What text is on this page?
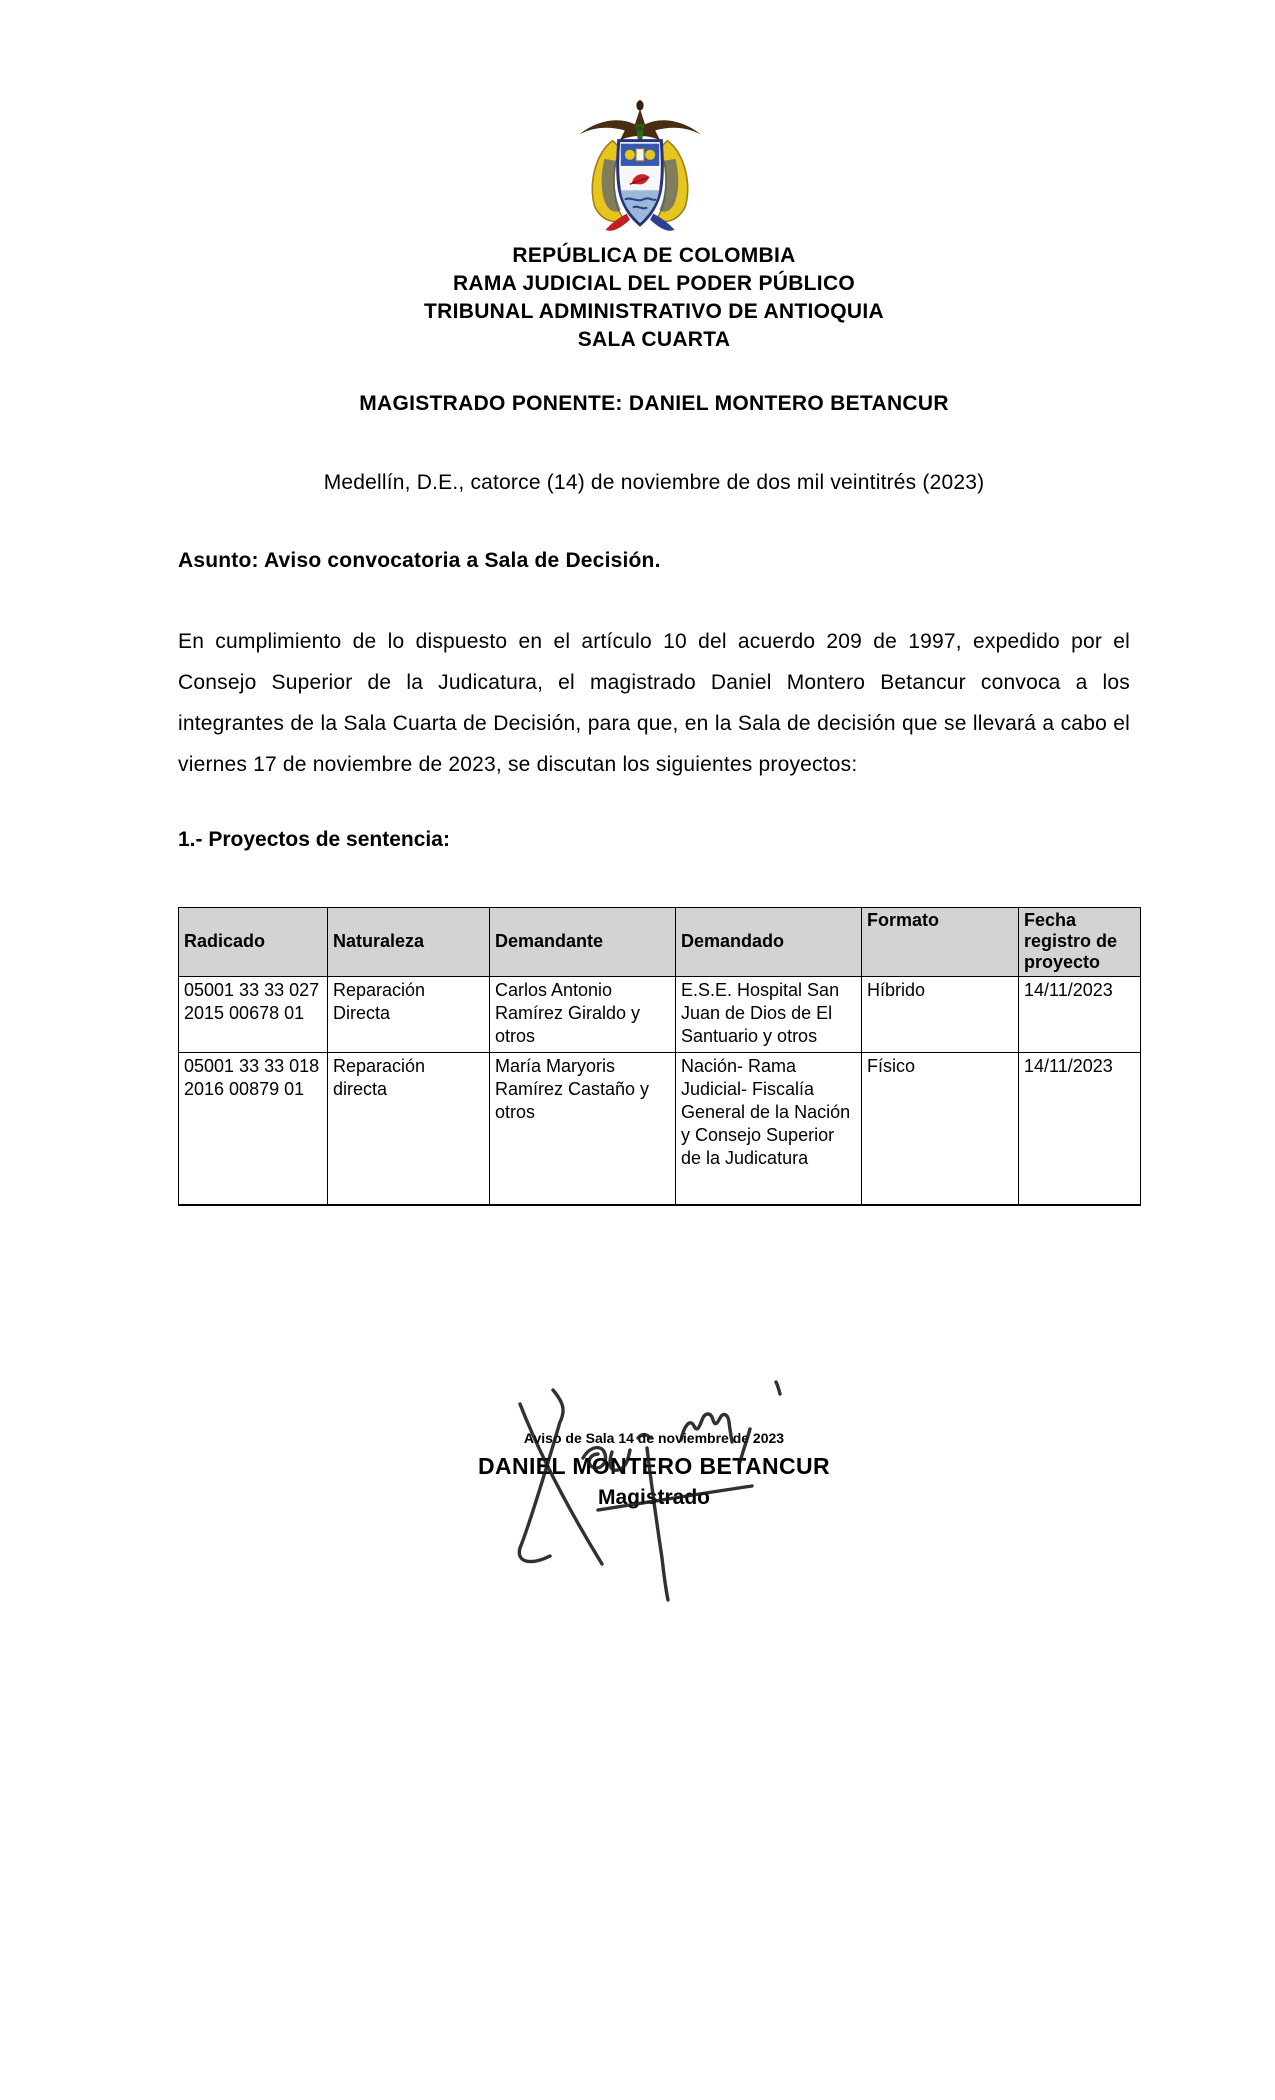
REPÚBLICA DE COLOMBIA
RAMA JUDICIAL DEL PODER PÚBLICO
TRIBUNAL ADMINISTRATIVO DE ANTIOQUIA
SALA CUARTA
MAGISTRADO PONENTE: DANIEL MONTERO BETANCUR
Medellín, D.E., catorce (14) de noviembre de dos mil veintitrés (2023)
Asunto: Aviso convocatoria a Sala de Decisión.

En cumplimiento de lo dispuesto en el artículo 10 del acuerdo 209 de 1997, expedido por el Consejo Superior de la Judicatura, el magistrado Daniel Montero Betancur convoca a los integrantes de la Sala Cuarta de Decisión, para que, en la Sala de decisión que se llevará a cabo el viernes 17 de noviembre de 2023, se discutan los siguientes proyectos:

1.- Proyectos de sentencia:
Radicado	Naturaleza	Demandante	Demandado	Formato	Fecha registro de proyecto
05001 33 33 027 2015 00678 01	Reparación Directa	Carlos Antonio Ramírez Giraldo y otros	E.S.E. Hospital San Juan de Dios de El Santuario y otros	Híbrido	14/11/2023
05001 33 33 018 2016 00879 01	Reparación directa	María Maryoris Ramírez Castaño y otros	Nación- Rama Judicial- Fiscalía General de la Nación y Consejo Superior de la Judicatura	Físico	14/11/2023
Aviso de Sala 14 de noviembre de 2023
DANIEL MONTERO BETANCUR
Magistrado
